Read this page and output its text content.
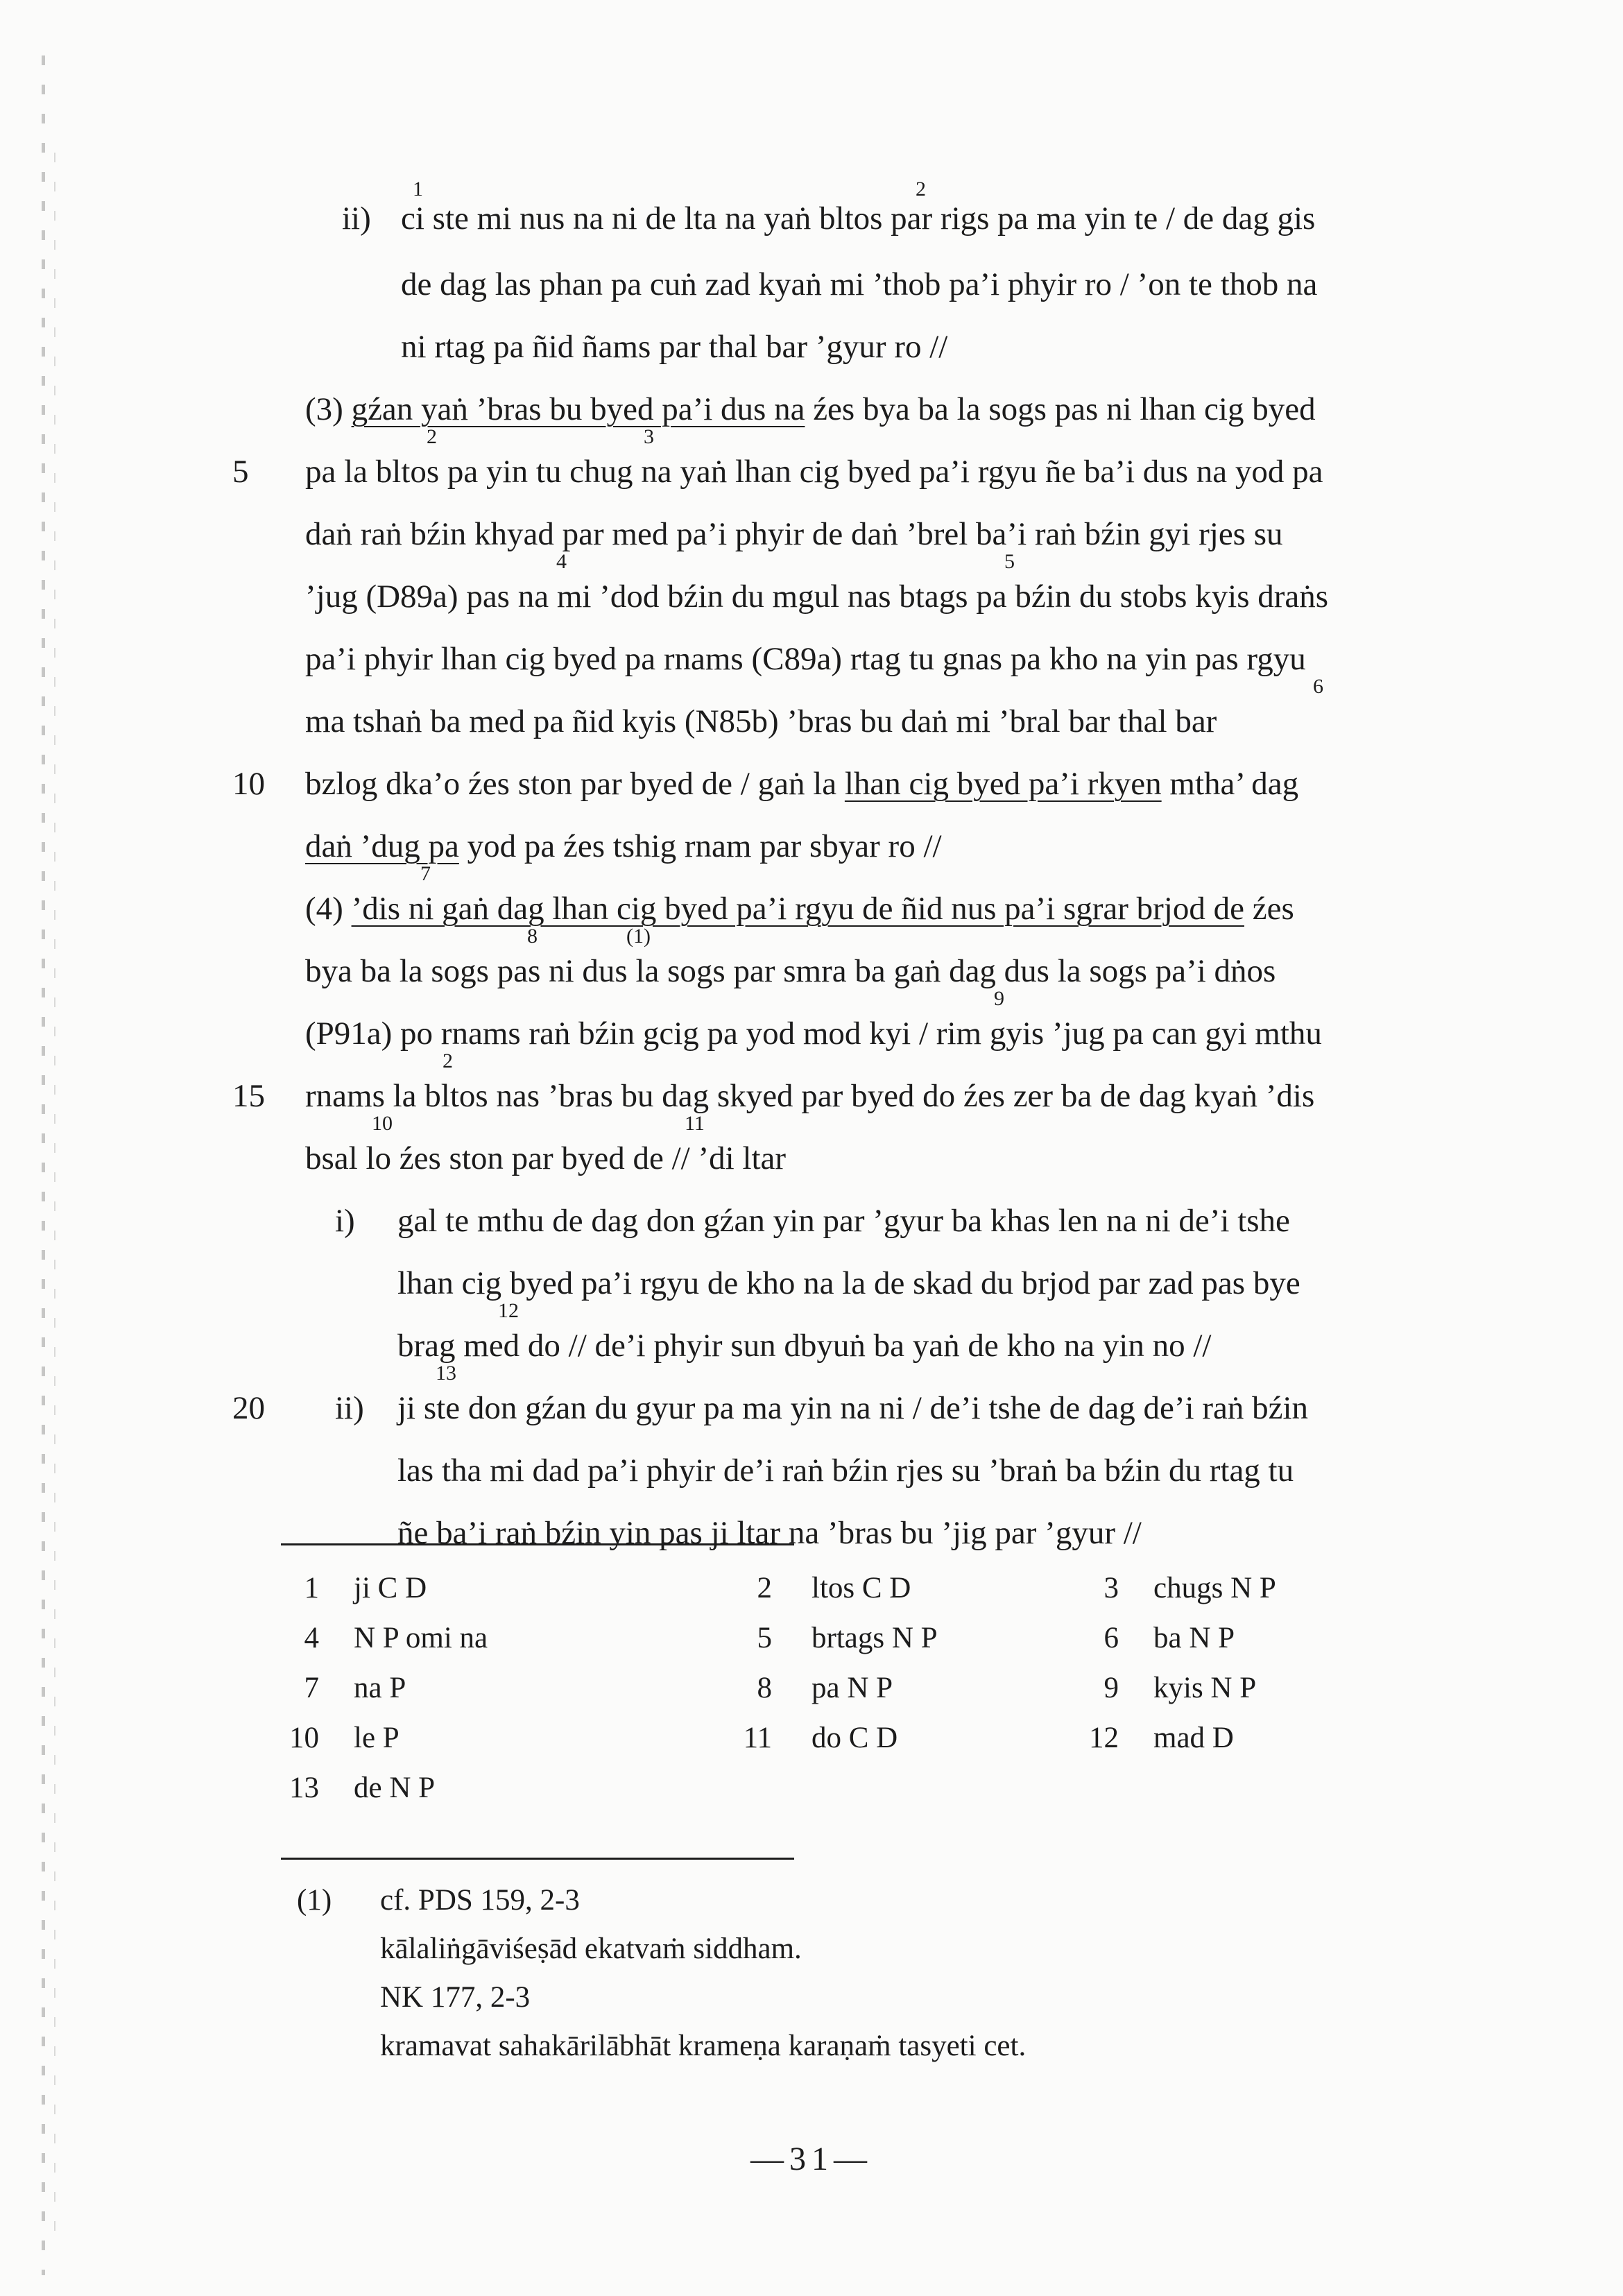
ii) ci ste mi nus na ni de lta na yaṅ bltos par rigs pa ma yin te / de dag gis
de dag las phan pa cuṅ zad kyaṅ mi ’thob pa’i phyir ro / ’on te thob na
ni rtag pa ñid ñams par thal bar ’gyur ro //
(3) gźan yaṅ ’bras bu byed pa’i dus na źes bya ba la sogs pas ni lhan cig byed
5 pa la bltos pa yin tu chug na yaṅ lhan cig byed pa’i rgyu ñe ba’i dus na yod pa
daṅ raṅ bźin khyad par med pa’i phyir de daṅ ’brel ba’i raṅ bźin gyi rjes su
’jug (D89a) pas na mi ’dod bźin du mgul nas btags pa bźin du stobs kyis draṅs
pa’i phyir lhan cig byed pa rnams (C89a) rtag tu gnas pa kho na yin pas rgyu
ma tshaṅ ba med pa ñid kyis (N85b) ’bras bu daṅ mi ’bral bar thal bar
10 bzlog dka’o źes ston par byed de / gaṅ la lhan cig byed pa’i rkyen mtha’ dag
daṅ ’dug pa yod pa źes tshig rnam par sbyar ro //
(4) ’dis ni gaṅ dag lhan cig byed pa’i rgyu de ñid nus pa’i sgrar brjod de źes
bya ba la sogs pas ni dus la sogs par smra ba gaṅ dag dus la sogs pa’i dṅos
(P91a) po rnams raṅ bźin gcig pa yod mod kyi / rim gyis ’jug pa can gyi mthu
15 rnams la bltos nas ’bras bu dag skyed par byed do źes zer ba de dag kyaṅ ’dis
bsal lo źes ston par byed de // ’di ltar
i) gal te mthu de dag don gźan yin par ’gyur ba khas len na ni de’i tshe
lhan cig byed pa’i rgyu de kho na la de skad du brjod par zad pas bye
brag med do // de’i phyir sun dbyuṅ ba yaṅ de kho na yin no //
20 ii) ji ste don gźan du gyur pa ma yin na ni / de’i tshe de dag de’i raṅ bźin
las tha mi dad pa’i phyir de’i raṅ bźin rjes su ’braṅ ba bźin du rtag tu
ñe ba’i raṅ bźin yin pas ji ltar na ’bras bu ’jig par ’gyur //
1	2
2	3
4	5
6
7
8	(1)
9
2
10	11
12
13
1 ji C D	2 ltos C D	3 chugs N P
4 N P omi na	5 brtags N P	6 ba N P
7 na P	8 pa N P	9 kyis N P
10 le P	11 do C D	12 mad D
13 de N P
(1) cf. PDS 159, 2-3
kālaliṅgāviśeṣād ekatvaṁ siddham.
NK 177, 2-3
kramavat sahakārilābhāt krameṇa karaṇaṁ tasyeti cet.
—31—
